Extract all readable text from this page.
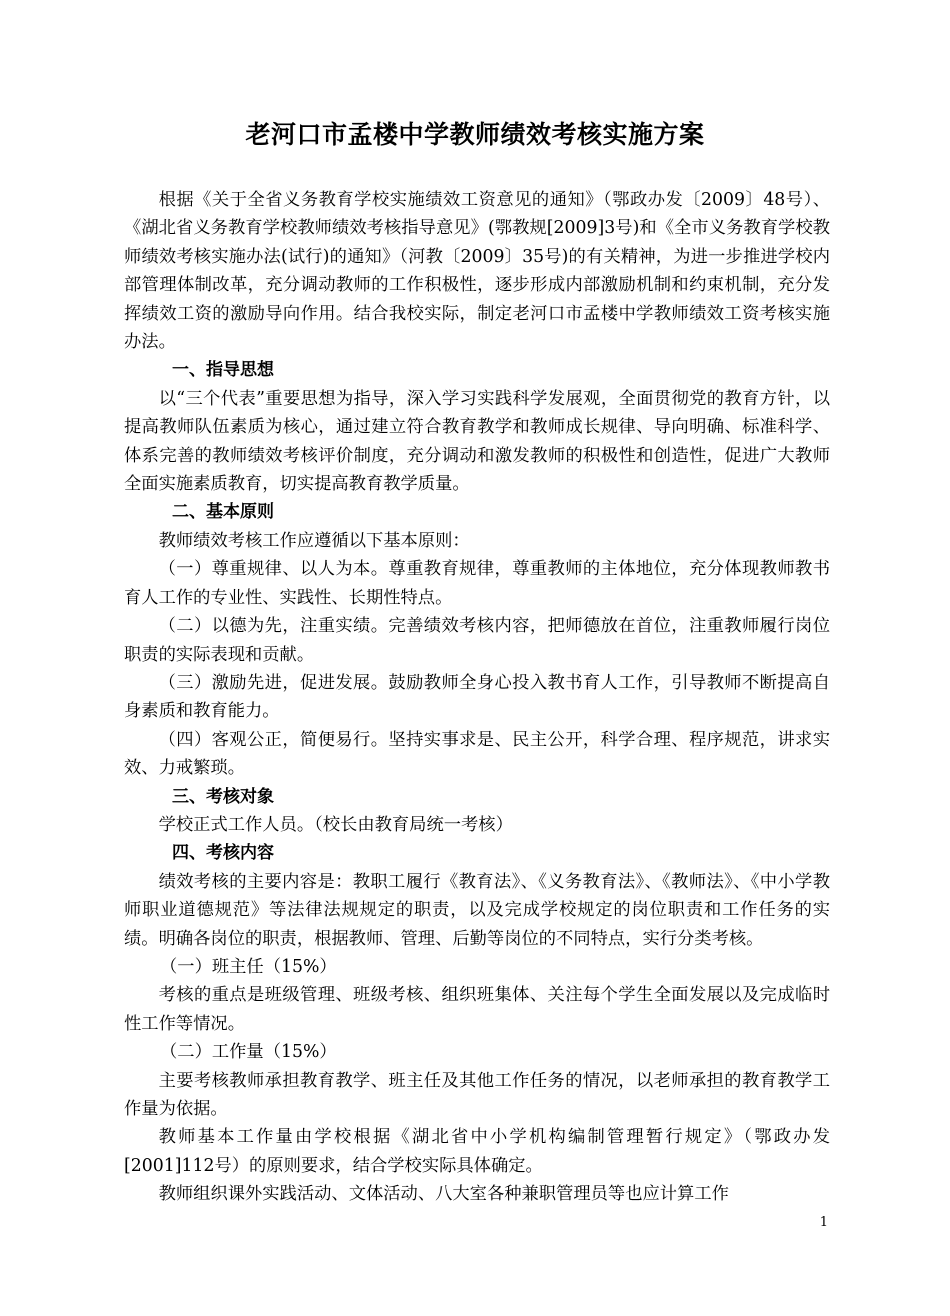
老河口市孟楼中学教师绩效考核实施方案

根据《关于全省义务教育学校实施绩效工资意见的通知》（鄂政办发〔2009〕48号）、《湖北省义务教育学校教师绩效考核指导意见》(鄂教规[2009]3号)和《全市义务教育学校教师绩效考核实施办法(试行)的通知》（河教〔2009〕35号)的有关精神，为进一步推进学校内部管理体制改革，充分调动教师的工作积极性，逐步形成内部激励机制和约束机制，充分发挥绩效工资的激励导向作用。结合我校实际，制定老河口市孟楼中学教师绩效工资考核实施办法。

一、指导思想

以“三个代表”重要思想为指导，深入学习实践科学发展观，全面贯彻党的教育方针，以提高教师队伍素质为核心，通过建立符合教育教学和教师成长规律、导向明确、标准科学、体系完善的教师绩效考核评价制度，充分调动和激发教师的积极性和创造性，促进广大教师全面实施素质教育，切实提高教育教学质量。

二、基本原则

教师绩效考核工作应遵循以下基本原则：

（一）尊重规律、以人为本。尊重教育规律，尊重教师的主体地位，充分体现教师教书育人工作的专业性、实践性、长期性特点。

（二）以德为先，注重实绩。完善绩效考核内容，把师德放在首位，注重教师履行岗位职责的实际表现和贡献。

（三）激励先进，促进发展。鼓励教师全身心投入教书育人工作，引导教师不断提高自身素质和教育能力。

（四）客观公正，简便易行。坚持实事求是、民主公开，科学合理、程序规范，讲求实效、力戒繁琐。

三、考核对象

学校正式工作人员。（校长由教育局统一考核）

四、考核内容

绩效考核的主要内容是：教职工履行《教育法》、《义务教育法》、《教师法》、《中小学教师职业道德规范》等法律法规规定的职责，以及完成学校规定的岗位职责和工作任务的实绩。明确各岗位的职责，根据教师、管理、后勤等岗位的不同特点，实行分类考核。

（一）班主任（15%）

考核的重点是班级管理、班级考核、组织班集体、关注每个学生全面发展以及完成临时性工作等情况。

（二）工作量（15%）

主要考核教师承担教育教学、班主任及其他工作任务的情况，以老师承担的教育教学工作量为依据。

教师基本工作量由学校根据《湖北省中小学机构编制管理暂行规定》（鄂政办发[2001]112号）的原则要求，结合学校实际具体确定。

教师组织课外实践活动、文体活动、八大室各种兼职管理员等也应计算工作

1
